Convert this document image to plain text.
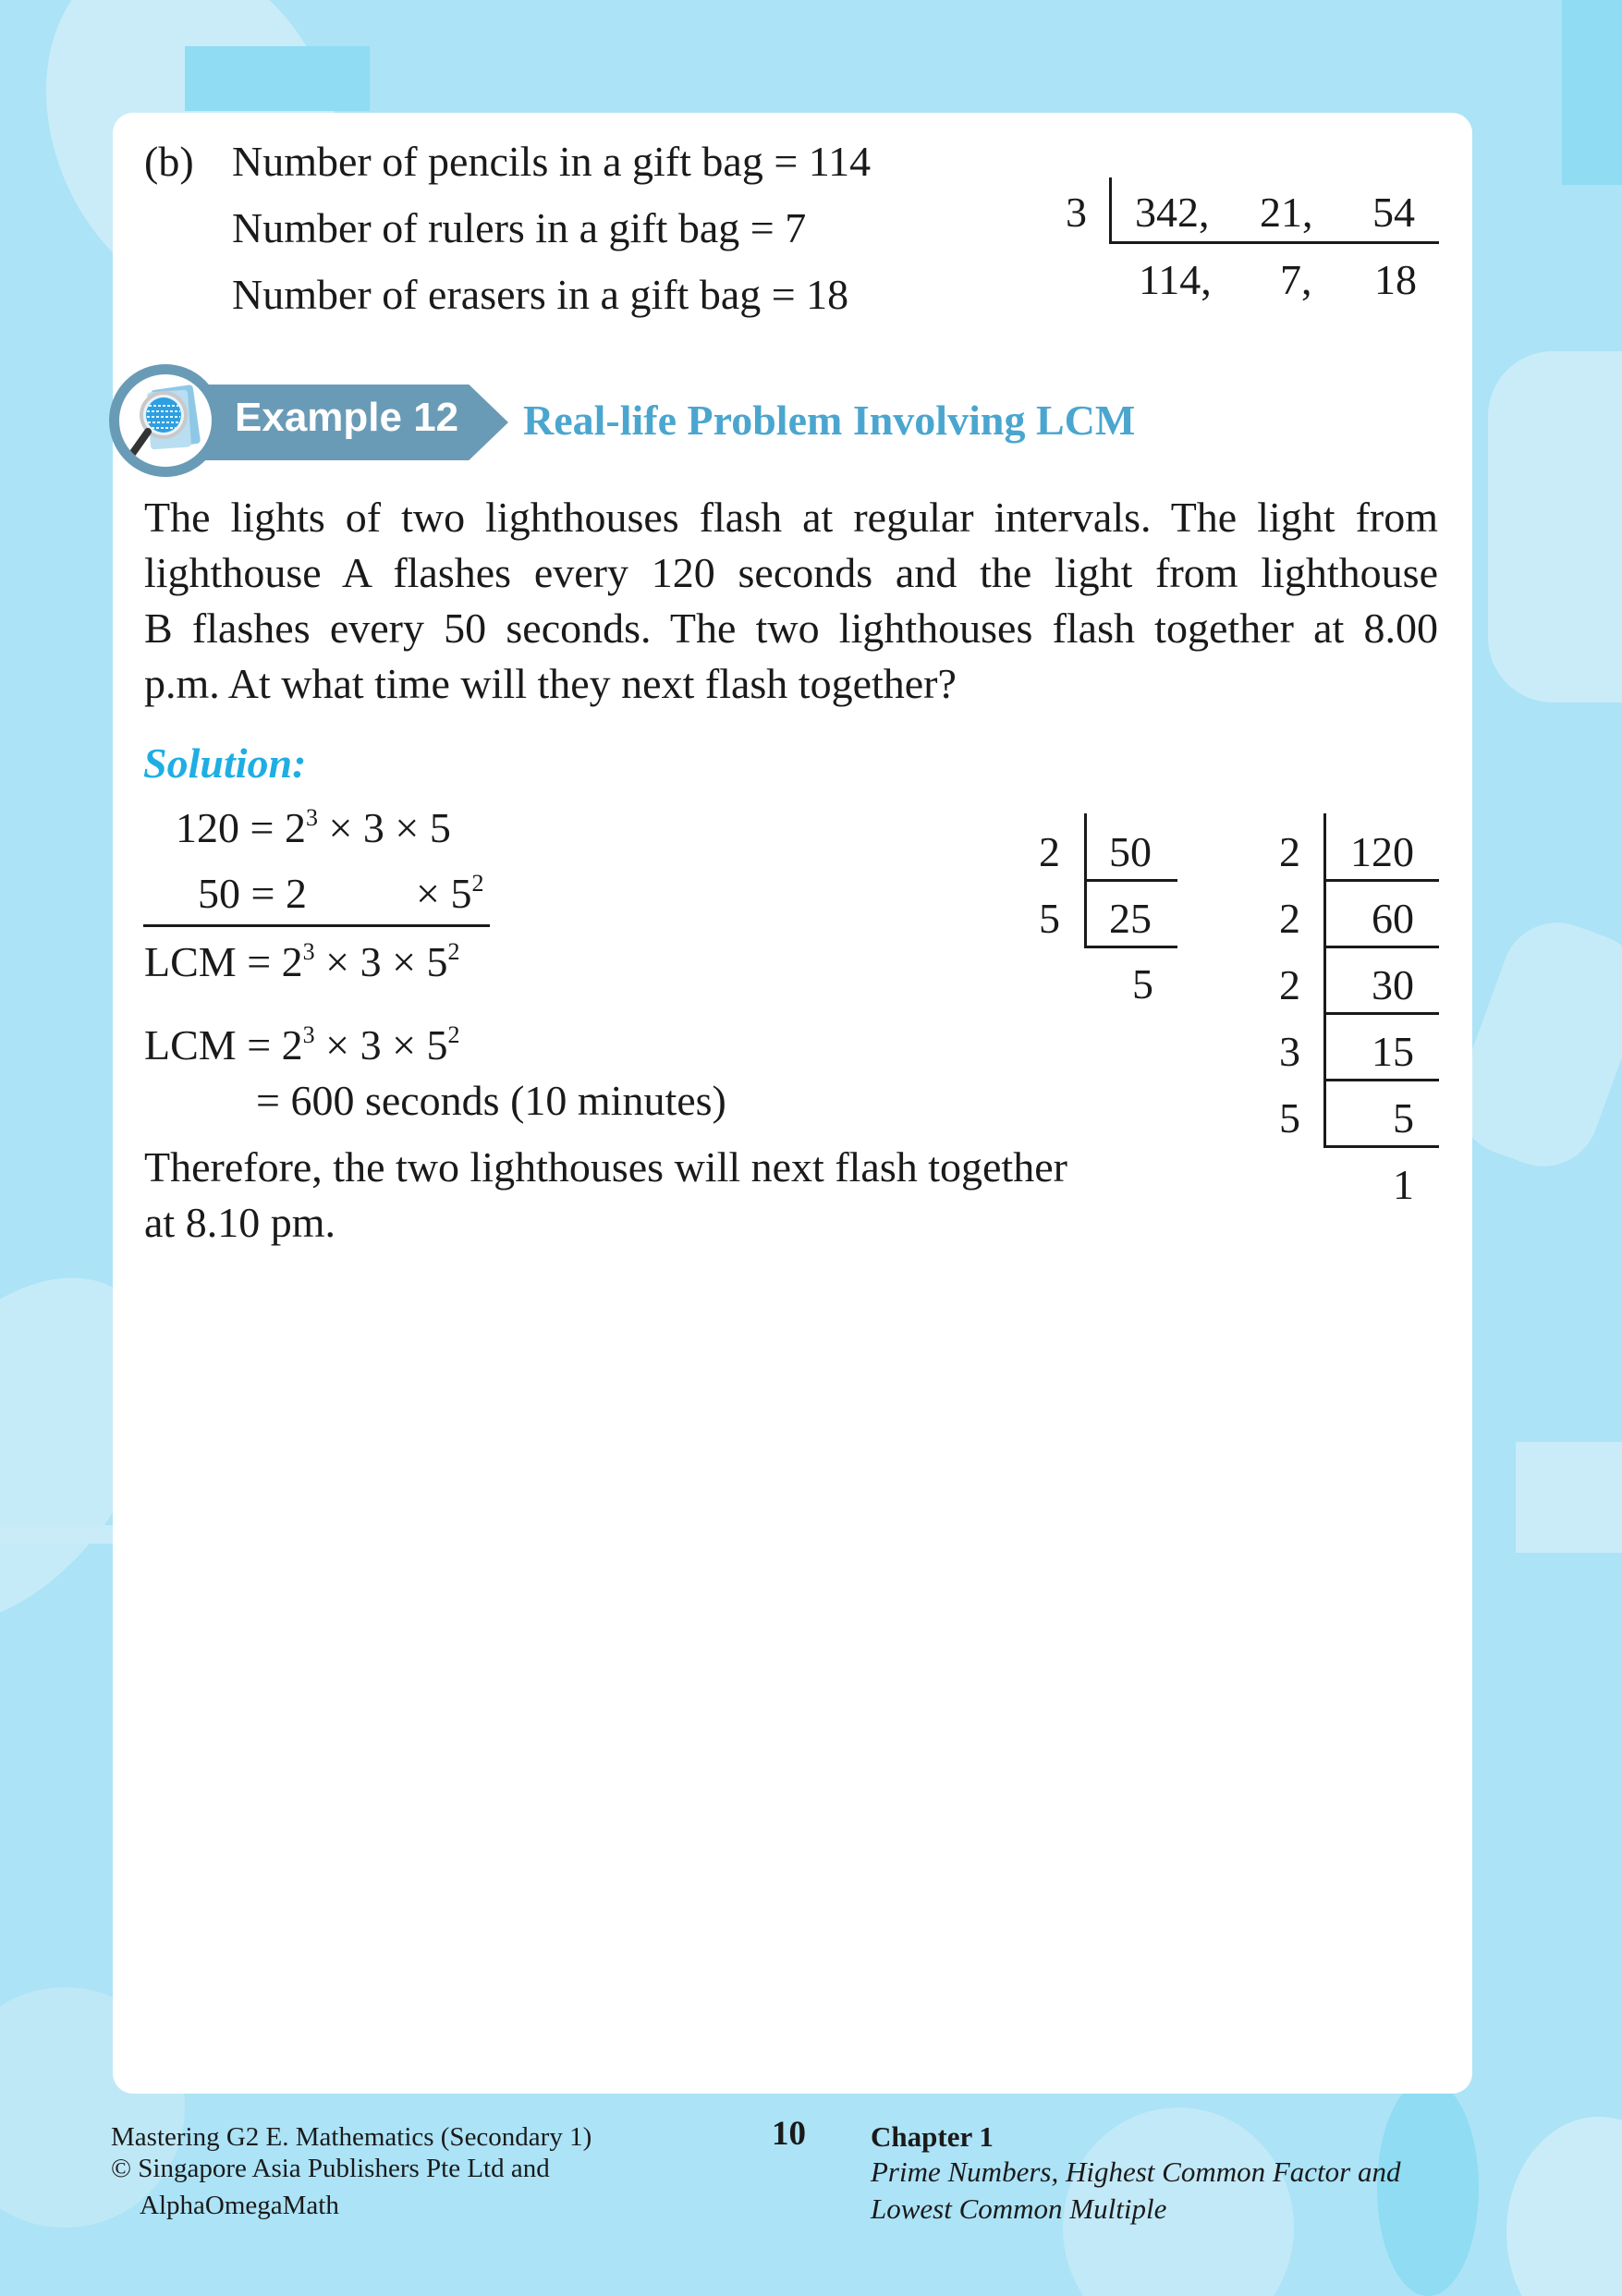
(b) Number of pencils in a gift bag = 114
Number of rulers in a gift bag = 7
Number of erasers in a gift bag = 18
3 342, 21, 54
114, 7, 18
Example 12 Real-life Problem Involving LCM
The lights of two lighthouses flash at regular intervals. The light from
lighthouse A flashes every 120 seconds and the light from lighthouse
B flashes every 50 seconds. The two lighthouses flash together at 8.00
p.m. At what time will they next flash together?
Solution:
$120 = 2^3 \times 3 \times 5$
50 = 2	× $5^2$
LCM = $2^3 \times 3 \times 5^2$
LCM = $2^3 \times 3 \times 5^2$
= 600 seconds (10 minutes)
Therefore, the two lighthouses will next flash together
at 8.10 pm.
2
5
50
25
5
2
2
2
3
5
120
60
30
15
5
1
Mastering G2 E. Mathematics (Secondary 1)
© Singapore Asia Publishers Pte Ltd and
AlphaOmegaMath
10 Chapter 1
Prime Numbers, Highest Common Factor and
Lowest Common Multiple
